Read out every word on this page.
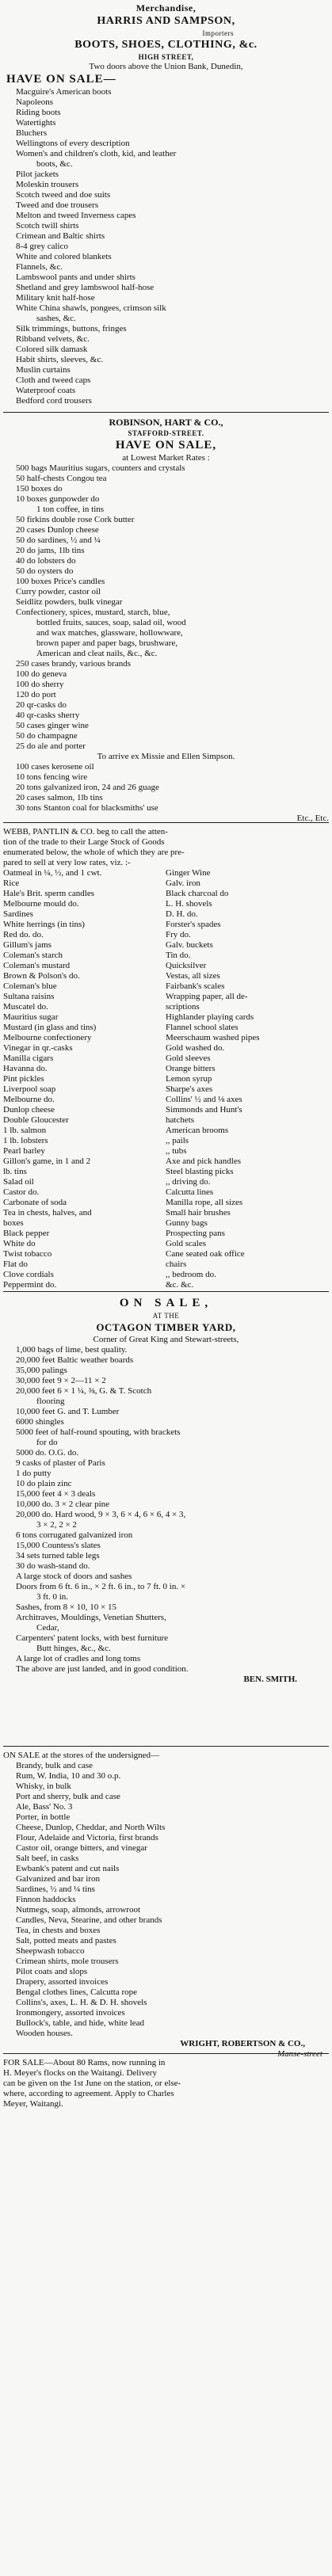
Merchandise,
HARRIS AND SAMPSON,
Importers
BOOTS, SHOES, CLOTHING, &c.
HIGH STREET,
Two doors above the Union Bank, Dunedin,
HAVE ON SALE—
Macguire's American boots
Napoleons
Riding boots
Watertights
Bluchers
Wellingtons of every description
Women's and children's cloth, kid, and leather
boots, &c.
Pilot jackets
Moleskin trousers
Scotch tweed and doe suits
Tweed and doe trousers
Melton and tweed Inverness capes
Scotch twill shirts
Crimean and Baltic shirts
8-4 grey calico
White and colored blankets
Flannels, &c.
Lambswool pants and under shirts
Shetland and grey lambswool half-hose
Military knit half-hose
White China shawls, pongees, crimson silk
sashes, &c.
Silk trimmings, buttons, fringes
Ribband velvets, &c.
Colored silk damask
Habit shirts, sleeves, &c.
Muslin curtains
Cloth and tweed caps
Waterproof coats
Bedford cord trousers
ROBINSON, HART & CO.,
STAFFORD-STREET.
HAVE ON SALE,
at Lowest Market Rates :
500 bags Mauritius sugars, counters and crystals
50 half-chests Congou tea
150 boxes do
10 boxes gunpowder do
1 ton coffee, in tins
50 firkins double rose Cork butter
20 cases Dunlop cheese
50 do sardines, ½ and ¼
20 do jams, 1lb tins
40 do lobsters do
50 do oysters do
100 boxes Price's candles
Curry powder, castor oil
Seidlitz powders, bulk vinegar
Confectionery, spices, mustard, starch, blue,
bottled fruits, sauces, soap, salad oil, wood
and wax matches, glassware, hollowware,
brown paper and paper bags, brushware,
American and cleat nails, &c., &c.
250 cases brandy, various brands
100 do geneva
100 do sherry
120 do port
20 qr-casks do
40 qr-casks sherry
50 cases ginger wine
50 do champagne
25 do ale and porter
To arrive ex Missie and Ellen Simpson.
100 cases kerosene oil
10 tons fencing wire
20 tons galvanized iron, 24 and 26 guage
20 cases salmon, 1lb tins
30 tons Stanton coal for blacksmiths' use
Etc., Etc.
WEBB, PANTLIN & CO. beg to call the atten-
tion of the trade to their Large Stock of Goods
enumerated below, the whole of which they are pre-
pared to sell at very low rates, viz. :-
Oatmeal in ¼, ½, and 1 cwt.	Ginger Wine
Rice	Galv. iron
Hale's Brit. sperm candles	Black charcoal do
Melbourne mould do.	L. H. shovels
Sardines	D. H. do.
White herrings (in tins)	Forster's spades
Red do. do.	Fry do.
Gillum's jams	Galv. buckets
Coleman's starch	Tin do.
Coleman's mustard	Quicksilver
Brown & Polson's do.	Vestas, all sizes
Coleman's blue	Fairbank's scales
Sultana raisins	Wrapping paper, all de-
Muscatel do.	scriptions
Mauritius sugar	Highlander playing cards
Mustard (in glass and tins)	Flannel school slates
Melbourne confectionery	Meerschaum washed pipes
Vinegar in qr.-casks	Gold washed do.
Manilla cigars	Gold sleeves
Havanna do.	Orange bitters
Pint pickles	Lemon syrup
Liverpool soap	Sharpe's axes
Melbourne do.	Collins' ½ and ⅛ axes
Dunlop cheese	Simmonds and Hunt's
Double Gloucester	hatchets
1 lb. salmon	American brooms
1 lb. lobsters	,, pails
Pearl barley	,, tubs
Gillon's game, in 1 and 2	Axe and pick handles
lb. tins	Steel blasting picks
Salad oil	,, driving do.
Castor do.	Calcutta lines
Carbonate of soda	Manilla rope, all sizes
Tea in chests, halves, and	Small hair brushes
boxes	Gunny bags
Black pepper	Prospecting pans
White do	Gold scales
Twist tobacco	Cane seated oak office
Flat do	chairs
Clove cordials	,, bedroom do.
Peppermint do.	&c. &c.
ON SALE,
AT THE
OCTAGON TIMBER YARD,
Corner of Great King and Stewart-streets,
1,000 bags of lime, best quality.
20,000 feet Baltic weather boards
35,000 palings
30,000 feet 9 × 2—11 × 2
20,000 feet 6 × 1 ¼, ⅜, G. & T. Scotch
flooring
10,000 feet G. and T. Lumber
6000 shingles
5000 feet of half-round spouting, with brackets
for do
5000 do. O.G. do.
9 casks of plaster of Paris
1 do putty
10 do plain zinc
15,000 feet 4 × 3 deals
10,000 do. 3 × 2 clear pine
20,000 do. Hard wood, 9 × 3, 6 × 4, 6 × 6, 4 × 3,
3 × 2, 2 × 2
6 tons corrugated galvanized iron
15,000 Countess's slates
34 sets turned table legs
30 do wash-stand do.
A large stock of doors and sashes
Doors from 6 ft. 6 in., × 2 ft. 6 in., to 7 ft. 0 in. ×
3 ft. 0 in.
Sashes, from 8 × 10, 10 × 15
Architraves, Mouldings, Venetian Shutters,
Cedar,
Carpenters' patent locks, with best furniture
Butt hinges, &c., &c.
A large lot of cradles and long toms
The above are just landed, and in good condition.
BEN. SMITH.
ON SALE at the stores of the undersigned—
Brandy, bulk and case
Rum, W. India, 10 and 30 o.p.
Whisky, in bulk
Port and sherry, bulk and case
Ale, Bass' No. 3
Porter, in bottle
Cheese, Dunlop, Cheddar, and North Wilts
Flour, Adelaide and Victoria, first brands
Castor oil, orange bitters, and vinegar
Salt beef, in casks
Ewbank's patent and cut nails
Galvanized and bar iron
Sardines, ½ and ¼ tins
Finnon haddocks
Nutmegs, soap, almonds, arrowroot
Candles, Neva, Stearine, and other brands
Tea, in chests and boxes
Salt, potted meats and pastes
Sheepwash tobacco
Crimean shirts, mole trousers
Pilot coats and slops
Drapery, assorted invoices
Bengal clothes lines, Calcutta rope
Collins's, axes, L. H. & D. H. shovels
Ironmongery, assorted invoices
Bullock's, table, and hide, white lead
Wooden houses.
WRIGHT, ROBERTSON & CO.,
Manse-street
FOR SALE—About 80 Rams, now running in
H. Meyer's flocks on the Waitangi. Delivery
can be given on the 1st June on the station, or else-
where, according to agreement. Apply to Charles
Meyer, Waitangi.
